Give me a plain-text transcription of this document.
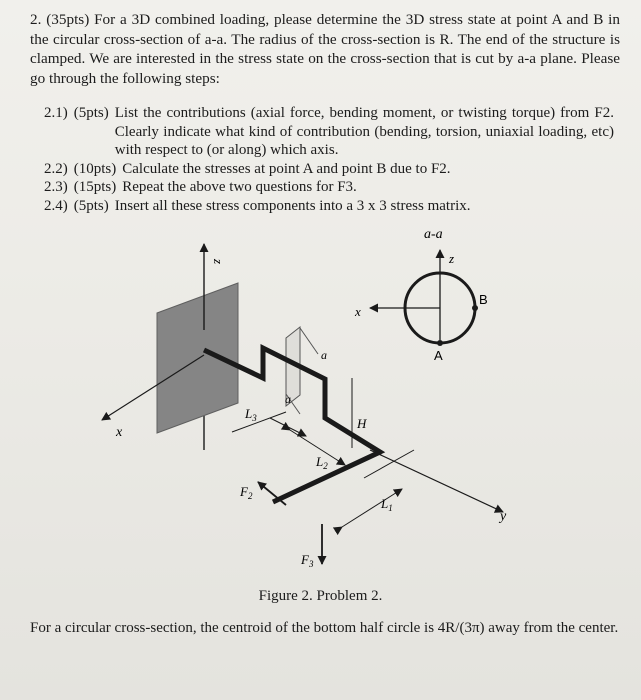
2. (35pts) For a 3D combined loading, please determine the 3D stress state at point A and B in the circular cross-section of a-a. The radius of the cross-section is R. The end of the structure is clamped. We are interested in the stress state on the cross-section that is cut by a-a plane. Please go through the following steps:
2.1) (5pts) List the contributions (axial force, bending moment, or twisting torque) from F2. Clearly indicate what kind of contribution (bending, torsion, uniaxial loading, etc) with respect to (or along) which axis.
2.2) (10pts) Calculate the stresses at point A and point B due to F2.
2.3) (15pts) Repeat the above two questions for F3.
2.4) (5pts) Insert all these stress components into a 3 x 3 stress matrix.
z
x
y
a
a
$L_3$	H
$L_2$
$L_1$
$F_2$
$F_3$
a-a
z
x
A
B
Figure 2. Problem 2.
For a circular cross-section, the centroid of the bottom half circle is 4R/(3π) away from the center.
